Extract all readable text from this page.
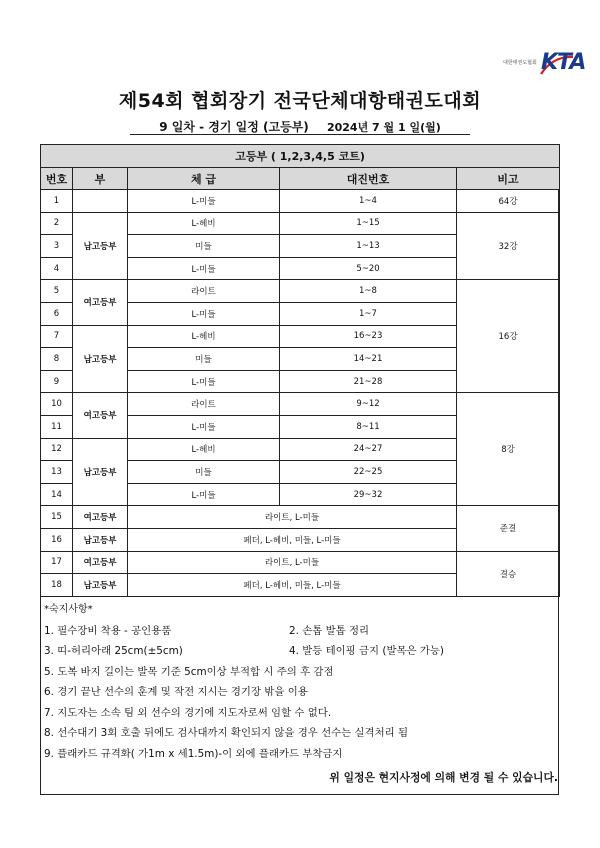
대한태권도협회 KTA
제54회 협회장기 전국단체대항태권도대회
9 일차 - 경기 일정 (고등부) 2024년 7 월 1 일(월)
고등부 ( 1,2,3,4,5 코트)				
번호	부	체 급	대진번호	비고
1		L-미들	1~4	64강
2	남고등부	L-헤비	1~15	32강
3		미들	1~13	
4		L-미들	5~20	
5	여고등부	라이트	1~8	16강
6		L-미들	1~7	
7	남고등부	L-헤비	16~23	
8		미들	14~21	
9		L-미들	21~28	
10	여고등부	라이트	9~12	8강
11		L-미들	8~11	
12	남고등부	L-헤비	24~27	
13		미들	22~25	
14		L-미들	29~32	
15	여고등부	라이트, L-미들		준결
16	남고등부	페더, L-헤비, 미들, L-미들		
17	여고등부	라이트, L-미들		결승
18	남고등부	페더, L-헤비, 미들, L-미들		
*숙지사항*
1. 필수장비 착용 - 공인용품	2. 손톱 발톱 정리
3. 띠-허리아래 25cm(±5cm)	4. 발등 테이핑 금지 (발목은 가능)
5. 도복 바지 길이는 발목 기준 5cm이상 부적합 시 주의 후 감점
6. 경기 끝난 선수의 훈계 및 작전 지시는 경기장 밖을 이용
7. 지도자는 소속 팀 외 선수의 경기에 지도자로써 임할 수 없다.
8. 선수대기 3회 호출 뒤에도 검사대까지 확인되지 않을 경우 선수는 실격처리 됨
9. 플래카드 규격화( 가1m x 세1.5m)-이 외에 플래카드 부착금지
위 일정은 현지사정에 의해 변경 될 수 있습니다.
